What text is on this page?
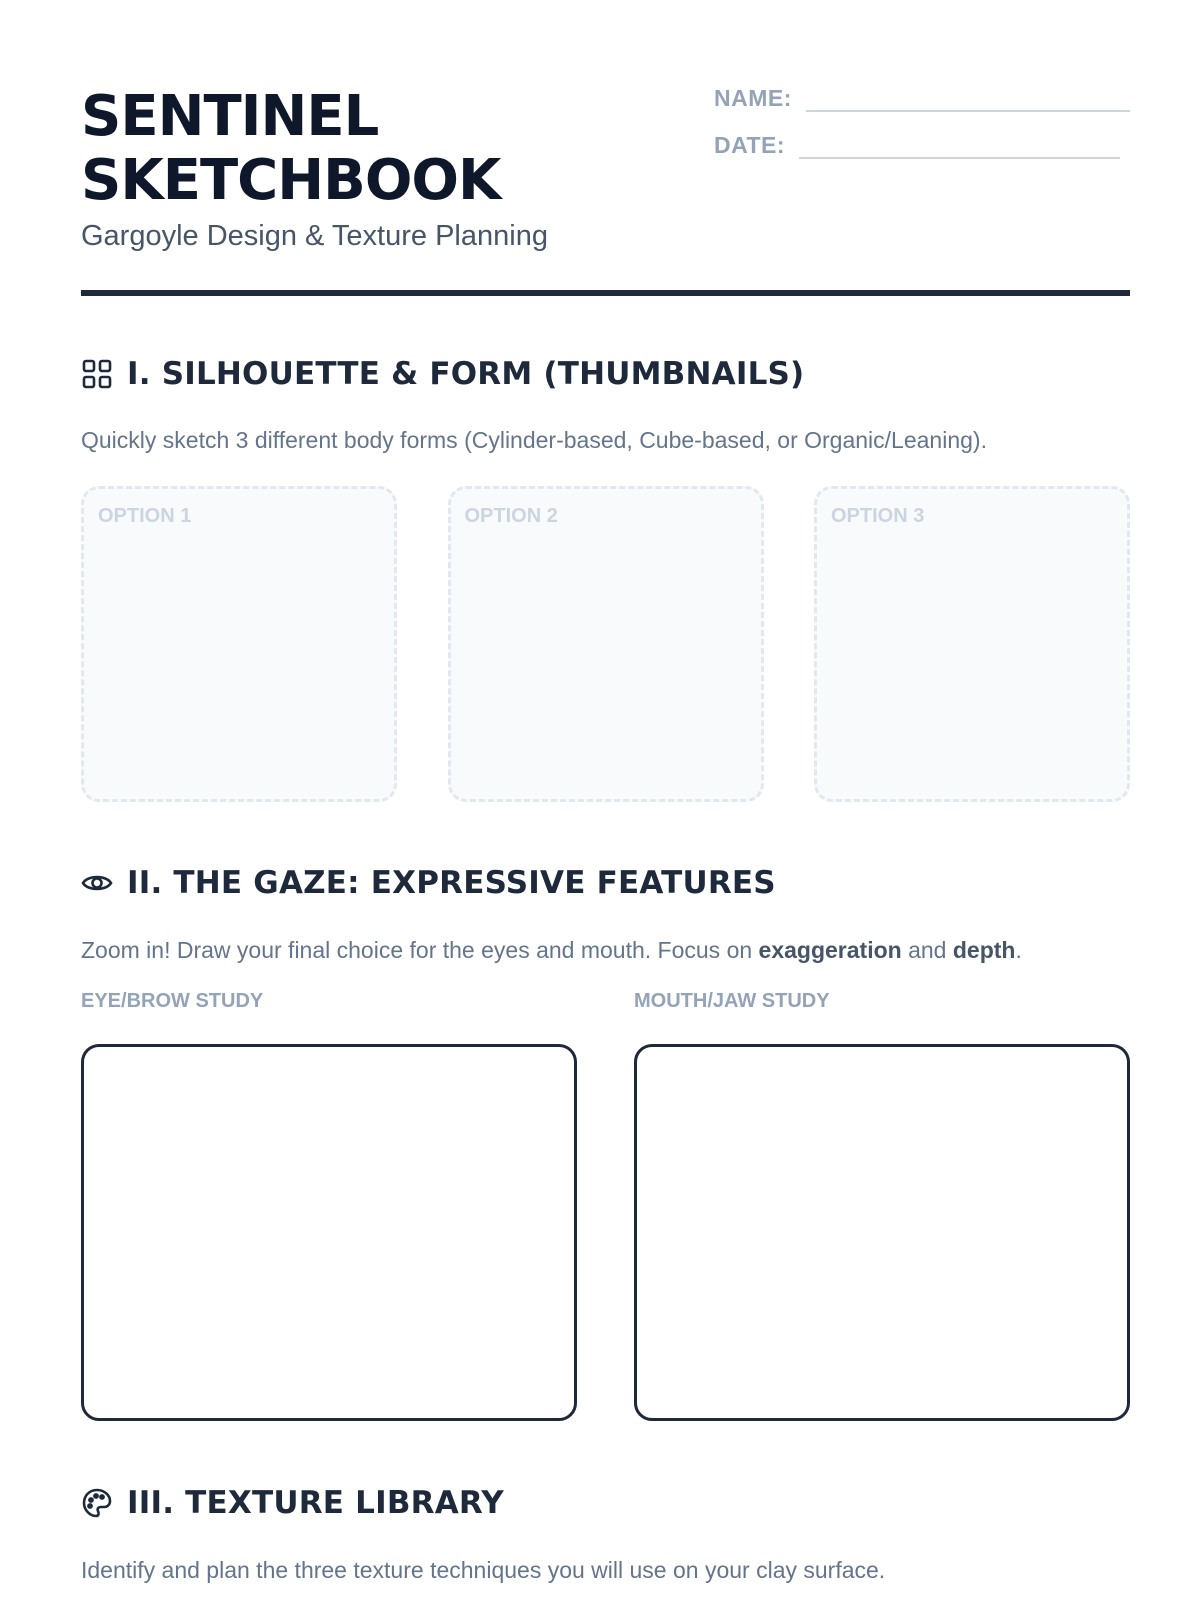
SENTINEL
SKETCHBOOK

Gargoyle Design & Texture Planning

NAME:
DATE:
I. SILHOUETTE & FORM (THUMBNAILS)

Quickly sketch 3 different body forms (Cylinder-based, Cube-based, or Organic/Leaning).

OPTION 1	OPTION 2	OPTION 3
II. THE GAZE: EXPRESSIVE FEATURES

Zoom in! Draw your final choice for the eyes and mouth. Focus on exaggeration and depth.

EYE/BROW STUDY	MOUTH/JAW STUDY
III. TEXTURE LIBRARY

Identify and plan the three texture techniques you will use on your clay surface.
